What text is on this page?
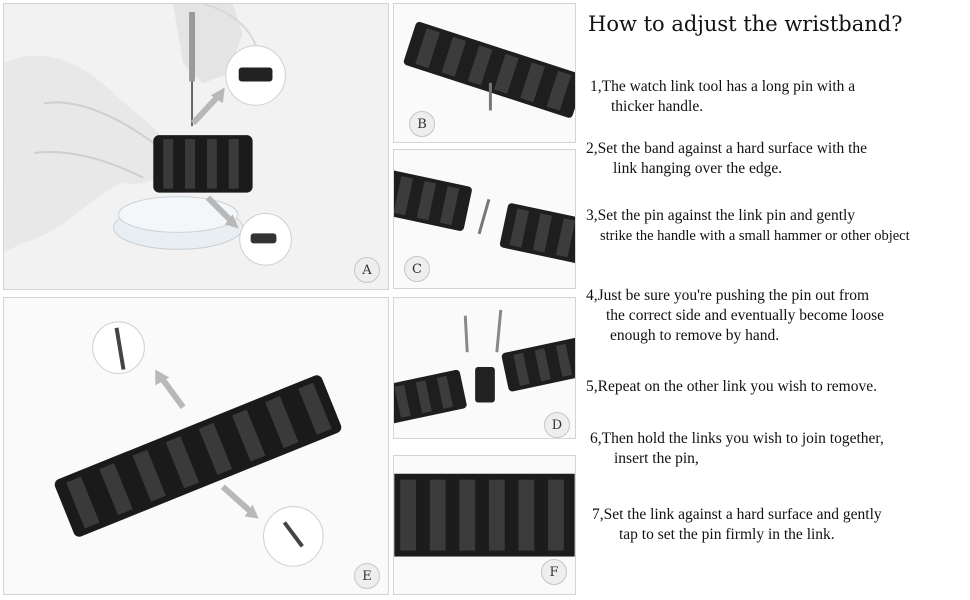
A
B
C
E
D
F
How to adjust the wristband?
1,The watch link tool has a long pin with a
thicker handle.
2,Set the band against a hard surface with the
link hanging over the edge.
3,Set the pin against the link pin and gently
strike the handle with a small hammer or other object
4,Just be sure you're pushing the pin out from
the correct side and eventually become loose
enough to remove by hand.
5,Repeat on the other link you wish to remove.
6,Then hold the links you wish to join together,
insert the pin,
7,Set the link against a hard surface and gently
tap to set the pin firmly in the link.
